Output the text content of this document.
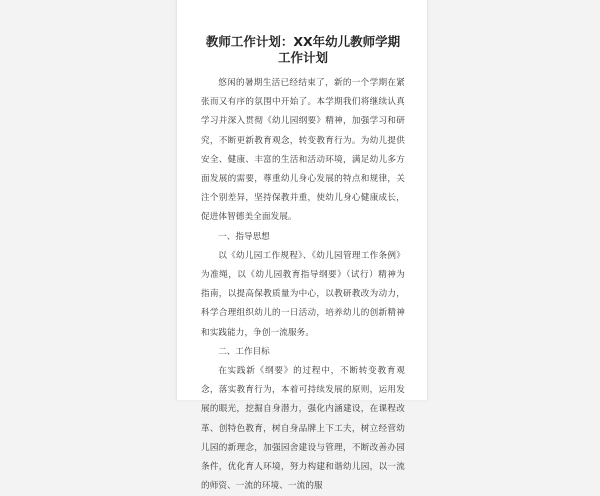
教师工作计划：XX年幼儿教师学期工作计划

悠闲的暑期生活已经结束了，新的一个学期在紧张而又有序的氛围中开始了。本学期我们将继续认真学习并深入贯彻《幼儿园纲要》精神，加强学习和研究，不断更新教育观念，转变教育行为。为幼儿提供安全、健康、丰富的生活和活动环境，满足幼儿多方面发展的需要，尊重幼儿身心发展的特点和规律，关注个别差异，坚持保教并重，使幼儿身心健康成长，促进体智德美全面发展。

一、指导思想

以《幼儿园工作规程》、《幼儿园管理工作条例》为准绳，以《幼儿园教育指导纲要》（试行）精神为指南，以提高保教质量为中心，以教研教改为动力，科学合理组织幼儿的一日活动，培养幼儿的创新精神和实践能力，争创一流服务。

二、工作目标

在实践新《纲要》的过程中，不断转变教育观念，落实教育行为，本着可持续发展的原则，运用发展的眼光，挖掘自身潜力，强化内涵建设，在课程改革、创特色教育，树自身品牌上下工夫，树立经营幼儿园的新理念，加强园舍建设与管理，不断改善办园条件，优化育人环境，努力构建和谐幼儿园，以一流的师资、一流的环境、一流的服
